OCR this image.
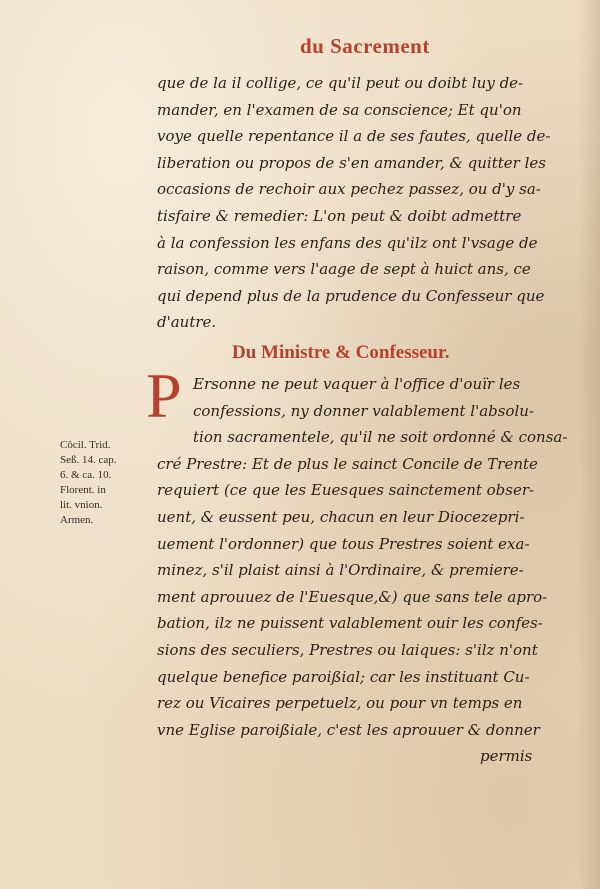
du Sacrement

que de la il collige, ce qu'il peut ou doibt luy de-
mander, en l'examen de sa conscience; Et qu'on
voye quelle repentance il a de ses fautes, quelle de-
liberation ou propos de s'en amander, & quitter les
occasions de rechoir aux pechez passez, ou d'y sa-
tisfaire & remedier: L'on peut & doibt admettre
à la confession les enfans des qu'ilz ont l'vsage de
raison, comme vers l'aage de sept à huict ans, ce
qui depend plus de la prudence du Confesseur que
d'autre.

Du Ministre & Confesseur.
P Ersonne ne peut vaquer à l'office d'ouïr les
confessions, ny donner valablement l'absolu-
tion sacramentele, qu'il ne soit ordonné & consa-
cré Prestre: Et de plus le sainct Concile de Trente
requiert (ce que les Euesques sainctement obser-
uent, & eussent peu, chacun en leur Diocezepri-
uement l'ordonner) que tous Prestres soient exa-
minez, s'il plaist ainsi à l'Ordinaire, & premiere-
ment aprouuez de l'Euesque,&) que sans tele apro-
bation, ilz ne puissent valablement ouir les confes-
sions des seculiers, Prestres ou laiques: s'ilz n'ont
quelque benefice paroißial; car les instituant Cu-
rez ou Vicaires perpetuelz, ou pour vn temps en
vne Eglise paroißiale, c'est les aprouuer & donner
permis

Côcil. Trid.
Seß. 14. cap.
6. & ca. 10.
Florent. in
lit. vnion.
Armen.
